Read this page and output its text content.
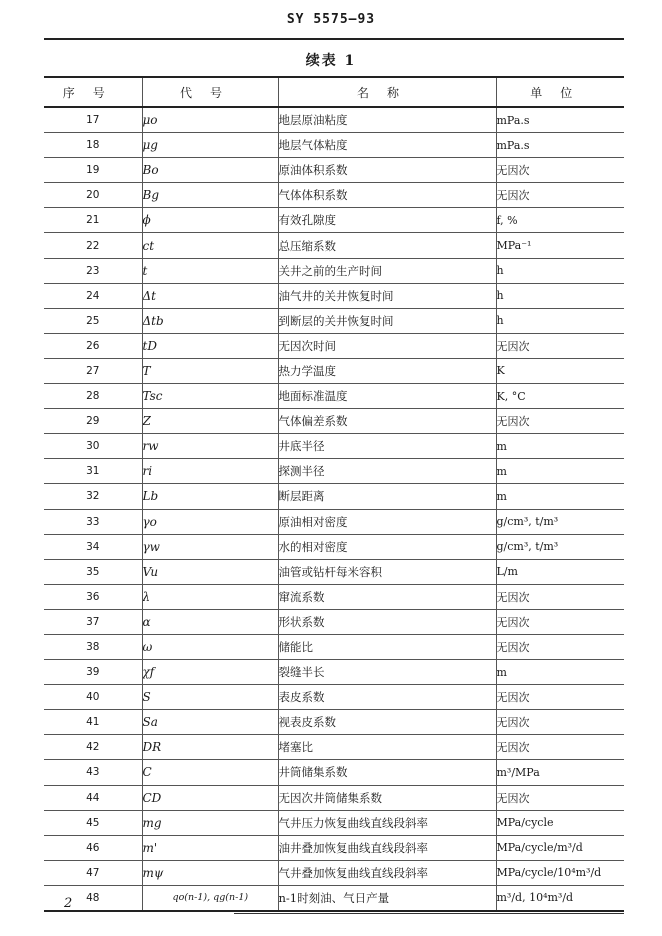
SY 5575—93
续表 1
序号	代号	名称	单位
17	μo	地层原油粘度	mPa.s
18	μg	地层气体粘度	mPa.s
19	Bo	原油体积系数	无因次
20	Bg	气体体积系数	无因次
21	ϕ	有效孔隙度	f, %
22	ct	总压缩系数	MPa⁻¹
23	t	关井之前的生产时间	h
24	Δt	油气井的关井恢复时间	h
25	Δtb	到断层的关井恢复时间	h
26	tD	无因次时间	无因次
27	T	热力学温度	K
28	Tsc	地面标准温度	K, °C
29	Z	气体偏差系数	无因次
30	rw	井底半径	m
31	ri	探测半径	m
32	Lb	断层距离	m
33	γo	原油相对密度	g/cm³, t/m³
34	γw	水的相对密度	g/cm³, t/m³
35	Vu	油管或钻杆每米容积	L/m
36	λ	窜流系数	无因次
37	α	形状系数	无因次
38	ω	储能比	无因次
39	χf	裂缝半长	m
40	S	表皮系数	无因次
41	Sa	视表皮系数	无因次
42	DR	堵塞比	无因次
43	C	井筒储集系数	m³/MPa
44	CD	无因次井筒储集系数	无因次
45	mg	气井压力恢复曲线直线段斜率	MPa/cycle
46	m'	油井叠加恢复曲线直线段斜率	MPa/cycle/m³/d
47	mψ	气井叠加恢复曲线直线段斜率	MPa/cycle/10⁴m³/d
48	qo(n-1), qg(n-1)	n-1时刻油、气日产量	m³/d, 10⁴m³/d
2
